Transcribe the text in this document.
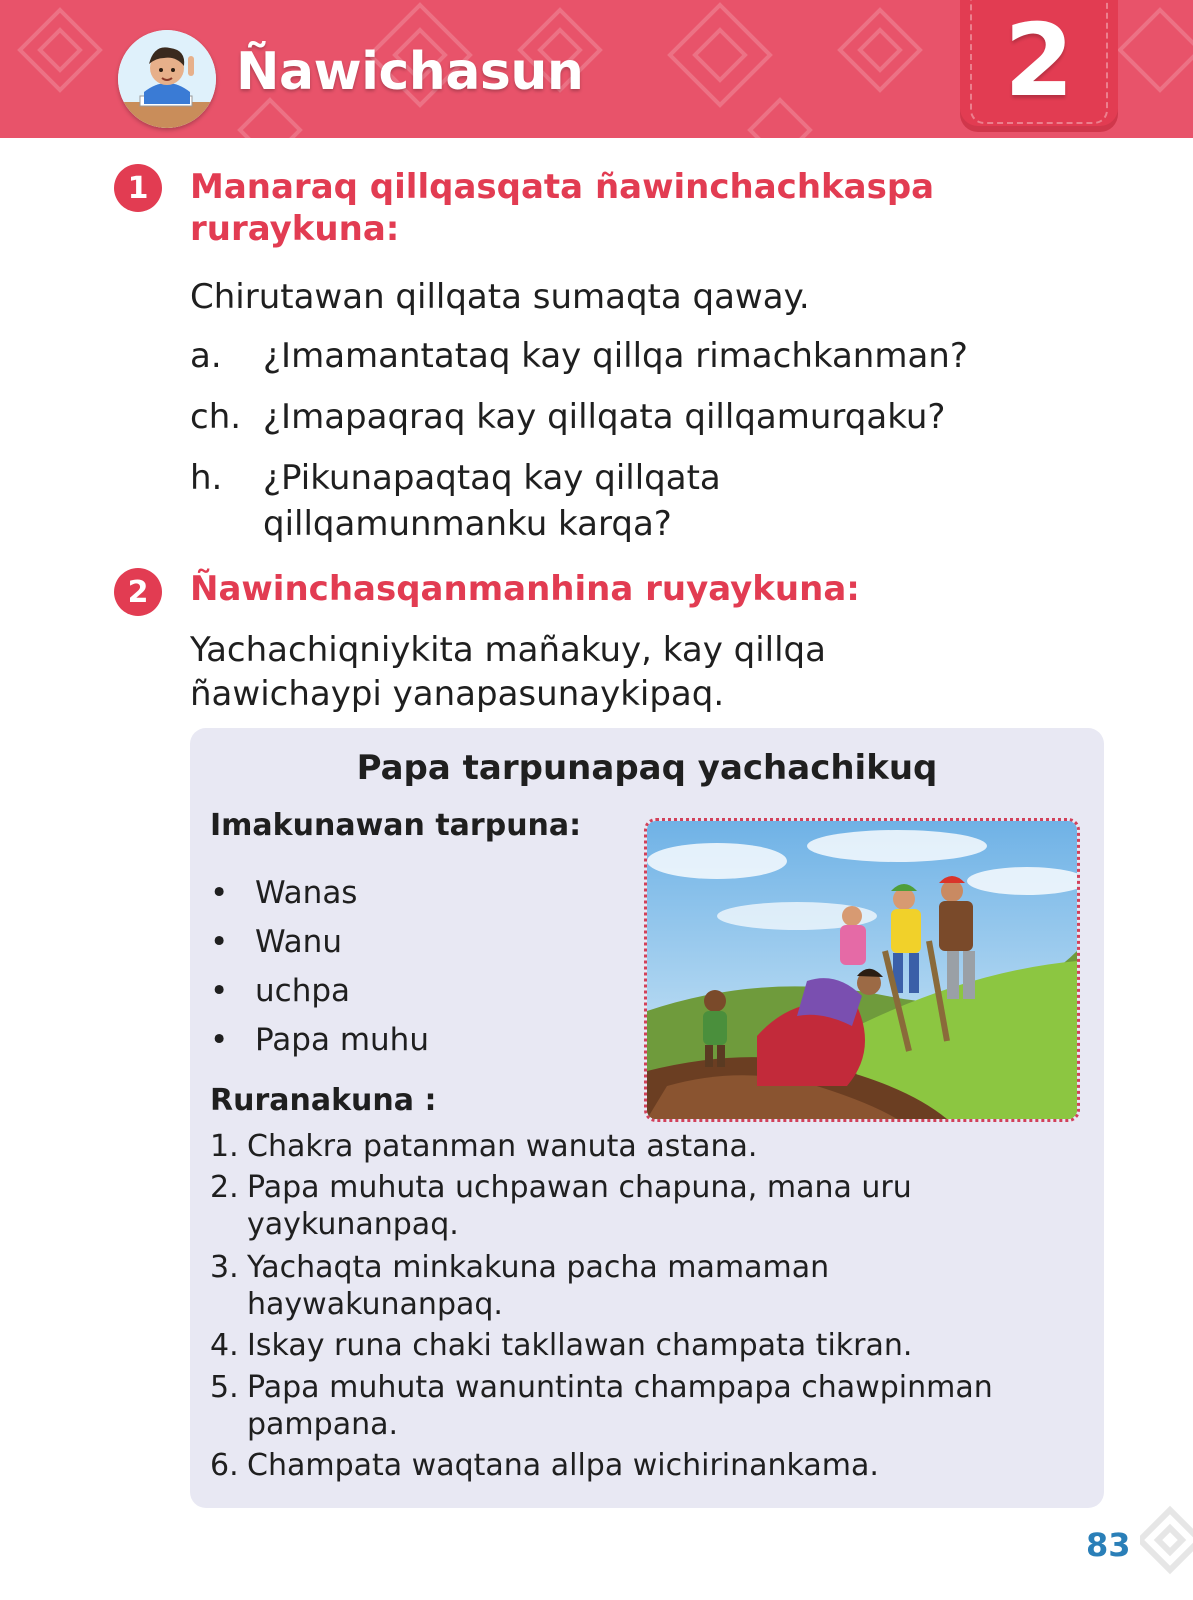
Ñawichasun	2
1	Manaraq qillqasqata ñawinchachkaspa
ruraykuna:
Chirutawan qillqata sumaqta qaway.
a. ¿Imamantataq kay qillqa rimachkanman?
ch. ¿Imapaqraq kay qillqata qillqamurqaku?
h. ¿Pikunapaqtaq kay qillqata
qillqamunmanku karqa?
2	Ñawinchasqanmanhina ruyaykuna:
Yachachiqniykita mañakuy, kay qillqa
ñawichaypi yanapasunaykipaq.
Papa tarpunapaq yachachikuq
Imakunawan tarpuna:
• Wanas
• Wanu
• uchpa
• Papa muhu
Ruranakuna :
1. Chakra patanman wanuta astana.
2. Papa muhuta uchpawan chapuna, mana uru
yaykunanpaq.
3. Yachaqta minkakuna pacha mamaman
haywakunanpaq.
4. Iskay runa chaki takllawan champata tikran.
5. Papa muhuta wanuntinta champapa chawpinman
pampana.
6. Champata waqtana allpa wichirinankama.
83
